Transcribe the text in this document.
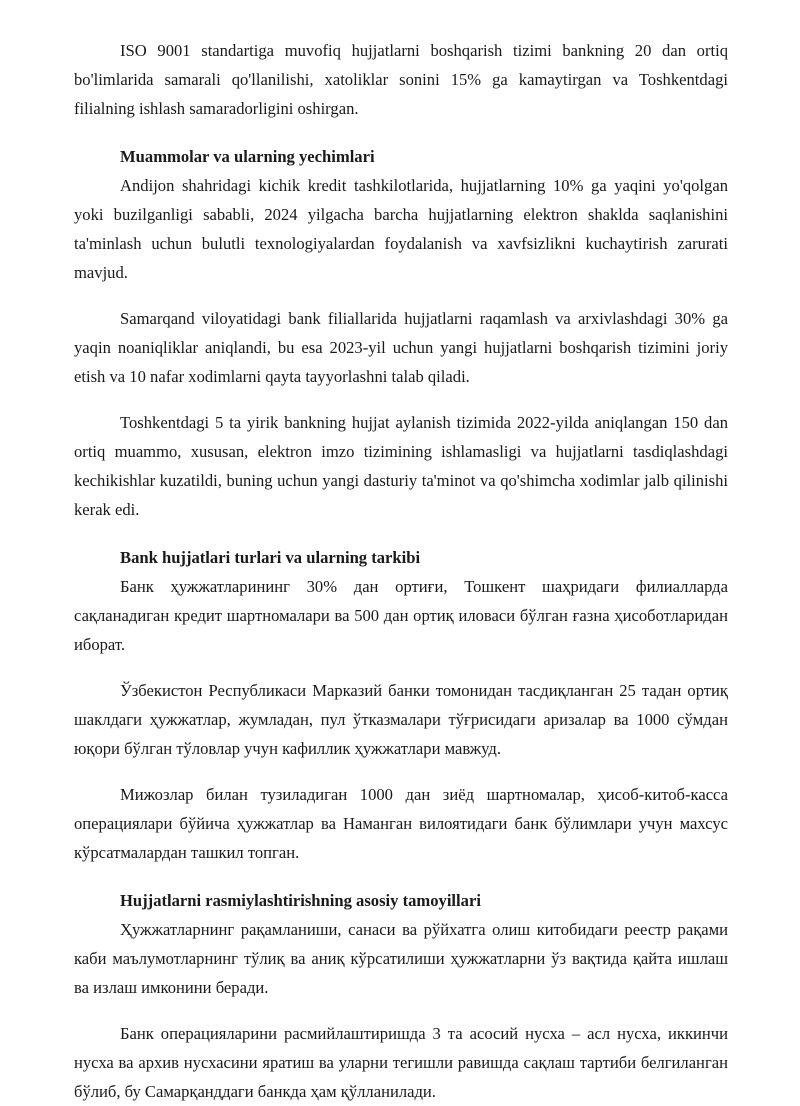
ISO 9001 standartiga muvofiq hujjatlarni boshqarish tizimi bankning 20 dan ortiq bo'limlarida samarali qo'llanilishi, xatoliklar sonini 15% ga kamaytirgan va Toshkentdagi filialning ishlash samaradorligini oshirgan.

Muammolar va ularning yechimlari

Andijon shahridagi kichik kredit tashkilotlarida, hujjatlarning 10% ga yaqini yo'qolgan yoki buzilganligi sababli, 2024 yilgacha barcha hujjatlarning elektron shaklda saqlanishini ta'minlash uchun bulutli texnologiyalardan foydalanish va xavfsizlikni kuchaytirish zarurati mavjud.

Samarqand viloyatidagi bank filiallarida hujjatlarni raqamlash va arxivlashdagi 30% ga yaqin noaniqliklar aniqlandi, bu esa 2023-yil uchun yangi hujjatlarni boshqarish tizimini joriy etish va 10 nafar xodimlarni qayta tayyorlashni talab qiladi.

Toshkentdagi 5 ta yirik bankning hujjat aylanish tizimida 2022-yilda aniqlangan 150 dan ortiq muammo, xususan, elektron imzo tizimining ishlamasligi va hujjatlarni tasdiqlashdagi kechikishlar kuzatildi, buning uchun yangi dasturiy ta'minot va qo'shimcha xodimlar jalb qilinishi kerak edi.

Bank hujjatlari turlari va ularning tarkibi

Банк ҳужжатларининг 30% дан ортиғи, Тошкент шаҳридаги филиалларда сақланадиган кредит шартномалари ва 500 дан ортиқ иловаси бўлган ғазна ҳисоботларидан иборат.

Ўзбекистон Республикаси Марказий банки томонидан тасдиқланган 25 тадан ортиқ шаклдаги ҳужжатлар, жумладан, пул ўтказмалари тўғрисидаги аризалар ва 1000 сўмдан юқори бўлган тўловлар учун кафиллик ҳужжатлари мавжуд.

Мижозлар билан тузиладиган 1000 дан зиёд шартномалар, ҳисоб-китоб-касса операциялари бўйича ҳужжатлар ва Наманган вилоятидаги банк бўлимлари учун махсус кўрсатмалардан ташкил топган.

Hujjatlarni rasmiylashtirishning asosiy tamoyillari

Ҳужжатларнинг рақамланиши, санаси ва рўйхатга олиш китобидаги реестр рақами каби маълумотларнинг тўлиқ ва аниқ кўрсатилиши ҳужжатларни ўз вақтида қайта ишлаш ва излаш имконини беради.

Банк операцияларини расмийлаштиришда 3 та асосий нусха – асл нусха, иккинчи нусха ва архив нусхасини яратиш ва уларни тегишли равишда сақлаш тартиби белгиланган бўлиб, бу Самарқанддаги банкда ҳам қўлланилади.
